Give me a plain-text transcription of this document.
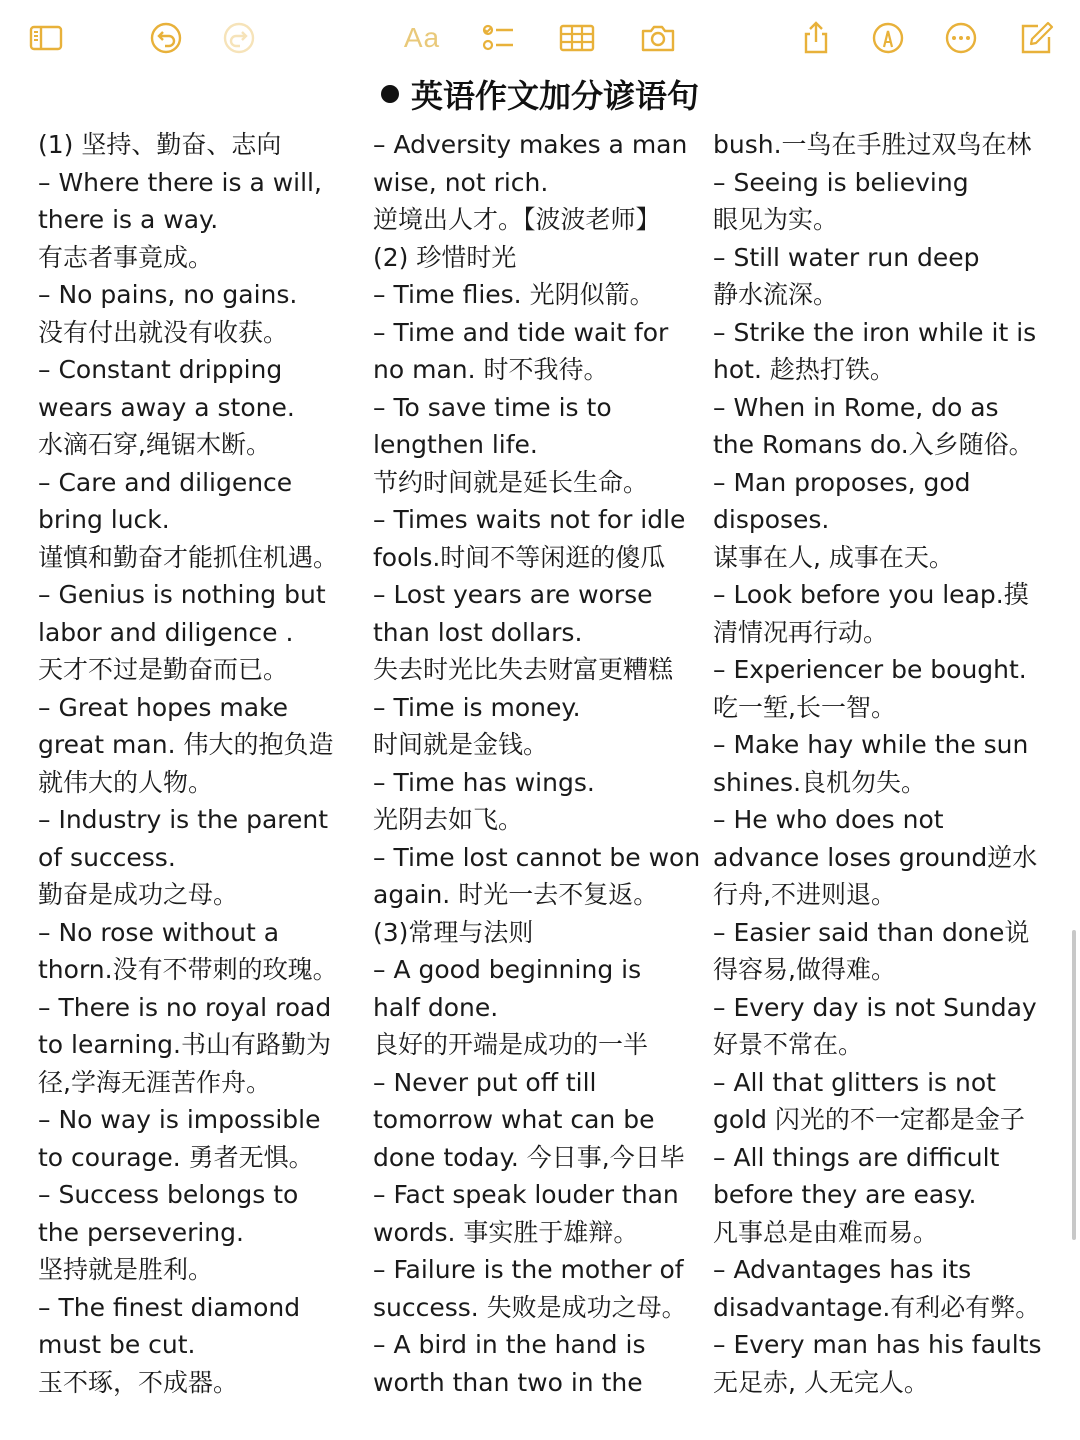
Aa
英语作文加分谚语句
(1) 坚持、勤奋、志向
– Where there is a will,
there is a way.
有志者事竟成。
– No pains, no gains.
没有付出就没有收获。
– Constant dripping
wears away a stone.
水滴石穿,绳锯木断。
– Care and diligence
bring luck.
谨慎和勤奋才能抓住机遇。
– Genius is nothing but
labor and diligence .
天才不过是勤奋而已。
– Great hopes make
great man. 伟大的抱负造
就伟大的人物。
– Industry is the parent
of success.
勤奋是成功之母。
– No rose without a
thorn.没有不带刺的玫瑰。
– There is no royal road
to learning.书山有路勤为
径,学海无涯苦作舟。
– No way is impossible
to courage. 勇者无惧。
– Success belongs to
the persevering.
坚持就是胜利。
– The finest diamond
must be cut.
玉不琢，不成器。
– Adversity makes a man
wise, not rich.
逆境出人才。【波波老师】
(2) 珍惜时光
– Time flies. 光阴似箭。
– Time and tide wait for
no man. 时不我待。
– To save time is to
lengthen life.
节约时间就是延长生命。
– Times waits not for idle
fools.时间不等闲逛的傻瓜
– Lost years are worse
than lost dollars.
失去时光比失去财富更糟糕
– Time is money.
时间就是金钱。
– Time has wings.
光阴去如飞。
– Time lost cannot be won
again. 时光一去不复返。
(3)常理与法则
– A good beginning is
half done.
良好的开端是成功的一半
– Never put off till
tomorrow what can be
done today. 今日事,今日毕
– Fact speak louder than
words. 事实胜于雄辩。
– Failure is the mother of
success. 失败是成功之母。
– A bird in the hand is
worth than two in the
bush.一鸟在手胜过双鸟在林
– Seeing is believing
眼见为实。
– Still water run deep
静水流深。
– Strike the iron while it is
hot. 趁热打铁。
– When in Rome, do as
the Romans do.入乡随俗。
– Man proposes, god
disposes.
谋事在人, 成事在天。
– Look before you leap.摸
清情况再行动。
– Experiencer be bought.
吃一堑,长一智。
– Make hay while the sun
shines.良机勿失。
– He who does not
advance loses ground逆水
行舟,不进则退。
– Easier said than done说
得容易,做得难。
– Every day is not Sunday
好景不常在。
– All that glitters is not
gold 闪光的不一定都是金子
– All things are difficult
before they are easy.
凡事总是由难而易。
– Advantages has its
disadvantage.有利必有弊。
– Every man has his faults
无足赤, 人无完人。
